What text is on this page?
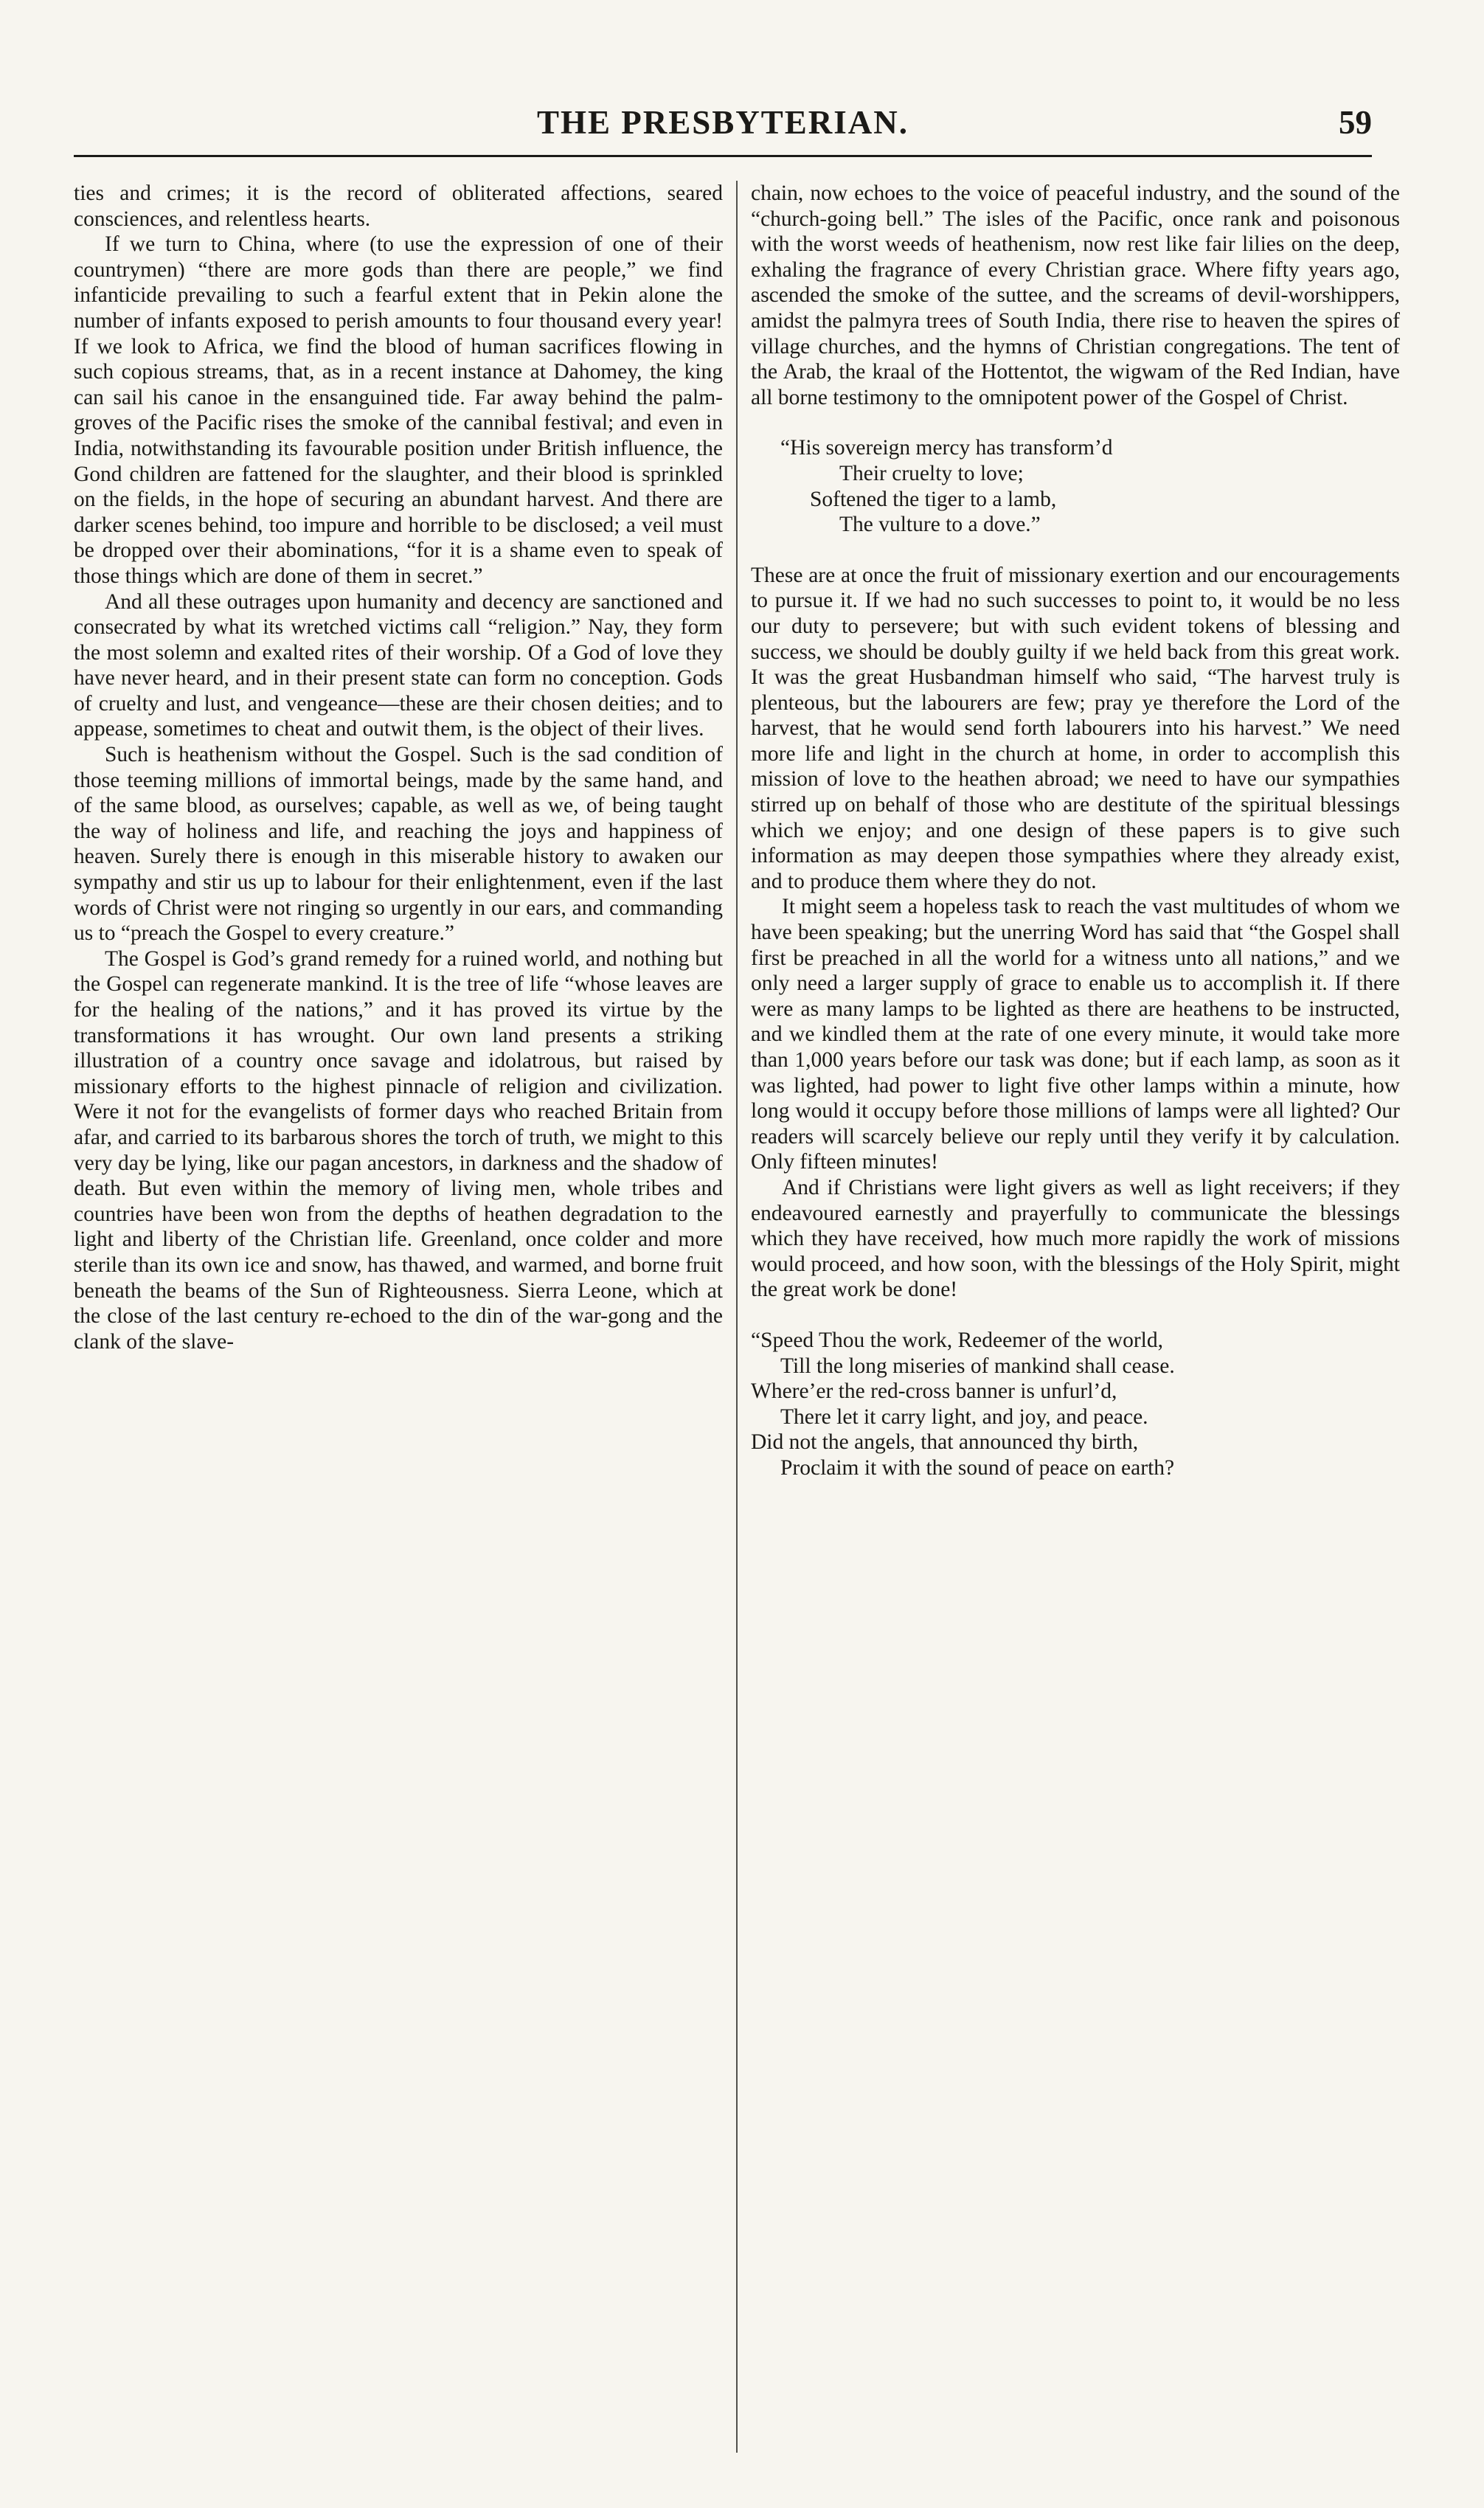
THE PRESBYTERIAN.	59

ties and crimes; it is the record of obliterated affections, seared consciences, and relentless hearts.

If we turn to China, where (to use the expression of one of their countrymen) “there are more gods than there are people,” we find infanticide prevailing to such a fearful extent that in Pekin alone the number of infants exposed to perish amounts to four thousand every year! If we look to Africa, we find the blood of human sacrifices flowing in such copious streams, that, as in a recent instance at Dahomey, the king can sail his canoe in the ensanguined tide. Far away behind the palm-groves of the Pacific rises the smoke of the cannibal festival; and even in India, notwithstanding its favourable position under British influence, the Gond children are fattened for the slaughter, and their blood is sprinkled on the fields, in the hope of securing an abundant harvest. And there are darker scenes behind, too impure and horrible to be disclosed; a veil must be dropped over their abominations, “for it is a shame even to speak of those things which are done of them in secret.”

And all these outrages upon humanity and decency are sanctioned and consecrated by what its wretched victims call “religion.” Nay, they form the most solemn and exalted rites of their worship. Of a God of love they have never heard, and in their present state can form no conception. Gods of cruelty and lust, and vengeance—these are their chosen deities; and to appease, sometimes to cheat and outwit them, is the object of their lives.

Such is heathenism without the Gospel. Such is the sad condition of those teeming millions of immortal beings, made by the same hand, and of the same blood, as ourselves; capable, as well as we, of being taught the way of holiness and life, and reaching the joys and happiness of heaven. Surely there is enough in this miserable history to awaken our sympathy and stir us up to labour for their enlightenment, even if the last words of Christ were not ringing so urgently in our ears, and commanding us to “preach the Gospel to every creature.”

The Gospel is God’s grand remedy for a ruined world, and nothing but the Gospel can regenerate mankind. It is the tree of life “whose leaves are for the healing of the nations,” and it has proved its virtue by the transformations it has wrought. Our own land presents a striking illustration of a country once savage and idolatrous, but raised by missionary efforts to the highest pinnacle of religion and civilization. Were it not for the evangelists of former days who reached Britain from afar, and carried to its barbarous shores the torch of truth, we might to this very day be lying, like our pagan ancestors, in darkness and the shadow of death. But even within the memory of living men, whole tribes and countries have been won from the depths of heathen degradation to the light and liberty of the Christian life. Greenland, once colder and more sterile than its own ice and snow, has thawed, and warmed, and borne fruit beneath the beams of the Sun of Righteousness. Sierra Leone, which at the close of the last century re-echoed to the din of the war-gong and the clank of the slave-

chain, now echoes to the voice of peaceful industry, and the sound of the “church-going bell.” The isles of the Pacific, once rank and poisonous with the worst weeds of heathenism, now rest like fair lilies on the deep, exhaling the fragrance of every Christian grace. Where fifty years ago, ascended the smoke of the suttee, and the screams of devil-worshippers, amidst the palmyra trees of South India, there rise to heaven the spires of village churches, and the hymns of Christian congregations. The tent of the Arab, the kraal of the Hottentot, the wigwam of the Red Indian, have all borne testimony to the omnipotent power of the Gospel of Christ.

“His sovereign mercy has transform’d
Their cruelty to love;
Softened the tiger to a lamb,
The vulture to a dove.”

These are at once the fruit of missionary exertion and our encouragements to pursue it. If we had no such successes to point to, it would be no less our duty to persevere; but with such evident tokens of blessing and success, we should be doubly guilty if we held back from this great work. It was the great Husbandman himself who said, “The harvest truly is plenteous, but the labourers are few; pray ye therefore the Lord of the harvest, that he would send forth labourers into his harvest.” We need more life and light in the church at home, in order to accomplish this mission of love to the heathen abroad; we need to have our sympathies stirred up on behalf of those who are destitute of the spiritual blessings which we enjoy; and one design of these papers is to give such information as may deepen those sympathies where they already exist, and to produce them where they do not.

It might seem a hopeless task to reach the vast multitudes of whom we have been speaking; but the unerring Word has said that “the Gospel shall first be preached in all the world for a witness unto all nations,” and we only need a larger supply of grace to enable us to accomplish it. If there were as many lamps to be lighted as there are heathens to be instructed, and we kindled them at the rate of one every minute, it would take more than 1,000 years before our task was done; but if each lamp, as soon as it was lighted, had power to light five other lamps within a minute, how long would it occupy before those millions of lamps were all lighted? Our readers will scarcely believe our reply until they verify it by calculation. Only fifteen minutes!

And if Christians were light givers as well as light receivers; if they endeavoured earnestly and prayerfully to communicate the blessings which they have received, how much more rapidly the work of missions would proceed, and how soon, with the blessings of the Holy Spirit, might the great work be done!

“Speed Thou the work, Redeemer of the world,
Till the long miseries of mankind shall cease.
Where’er the red-cross banner is unfurl’d,
There let it carry light, and joy, and peace.
Did not the angels, that announced thy birth,
Proclaim it with the sound of peace on earth?
